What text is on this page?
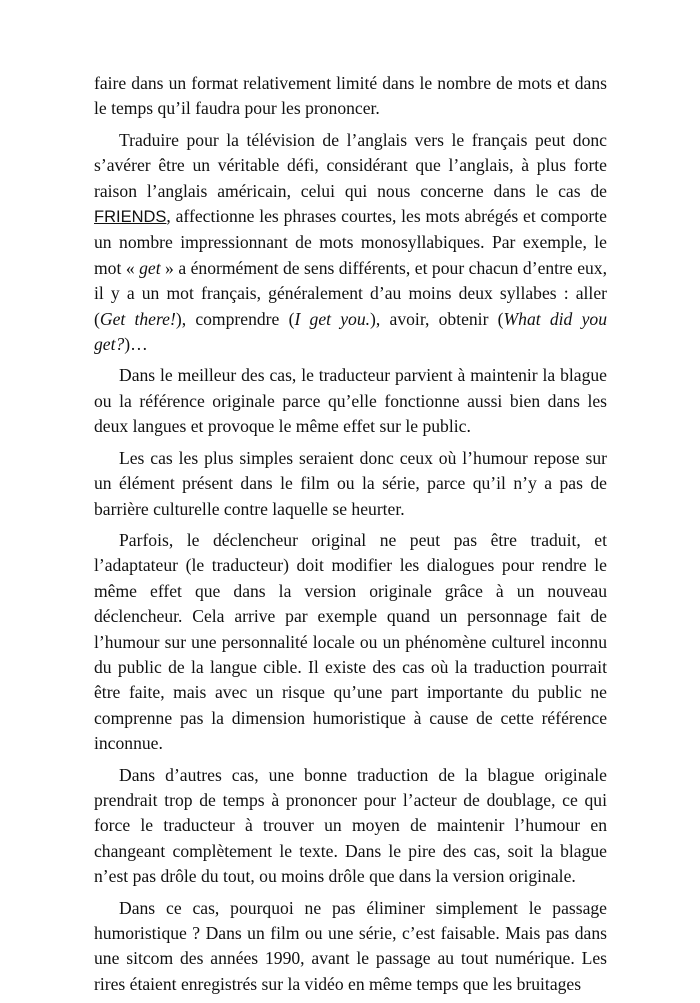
faire dans un format relativement limité dans le nombre de mots et dans le temps qu’il faudra pour les prononcer.

Traduire pour la télévision de l’anglais vers le français peut donc s’avérer être un véritable défi, considérant que l’anglais, à plus forte raison l’anglais américain, celui qui nous concerne dans le cas de FRIENDS, affectionne les phrases courtes, les mots abrégés et comporte un nombre impressionnant de mots monosyllabiques. Par exemple, le mot « get » a énormément de sens différents, et pour chacun d’entre eux, il y a un mot français, généralement d’au moins deux syllabes : aller (Get there!), comprendre (I get you.), avoir, obtenir (What did you get?)…

Dans le meilleur des cas, le traducteur parvient à maintenir la blague ou la référence originale parce qu’elle fonctionne aussi bien dans les deux langues et provoque le même effet sur le public.

Les cas les plus simples seraient donc ceux où l’humour repose sur un élément présent dans le film ou la série, parce qu’il n’y a pas de barrière culturelle contre laquelle se heurter.

Parfois, le déclencheur original ne peut pas être traduit, et l’adaptateur (le traducteur) doit modifier les dialogues pour rendre le même effet que dans la version originale grâce à un nouveau déclencheur. Cela arrive par exemple quand un personnage fait de l’humour sur une personnalité locale ou un phénomène culturel inconnu du public de la langue cible. Il existe des cas où la traduction pourrait être faite, mais avec un risque qu’une part importante du public ne comprenne pas la dimension humoristique à cause de cette référence inconnue.

Dans d’autres cas, une bonne traduction de la blague originale prendrait trop de temps à prononcer pour l’acteur de doublage, ce qui force le traducteur à trouver un moyen de maintenir l’humour en changeant complètement le texte. Dans le pire des cas, soit la blague n’est pas drôle du tout, ou moins drôle que dans la version originale.

Dans ce cas, pourquoi ne pas éliminer simplement le passage humoristique ? Dans un film ou une série, c’est faisable. Mais pas dans une sitcom des années 1990, avant le passage au tout numérique. Les rires étaient enregistrés sur la vidéo en même temps que les bruitages
